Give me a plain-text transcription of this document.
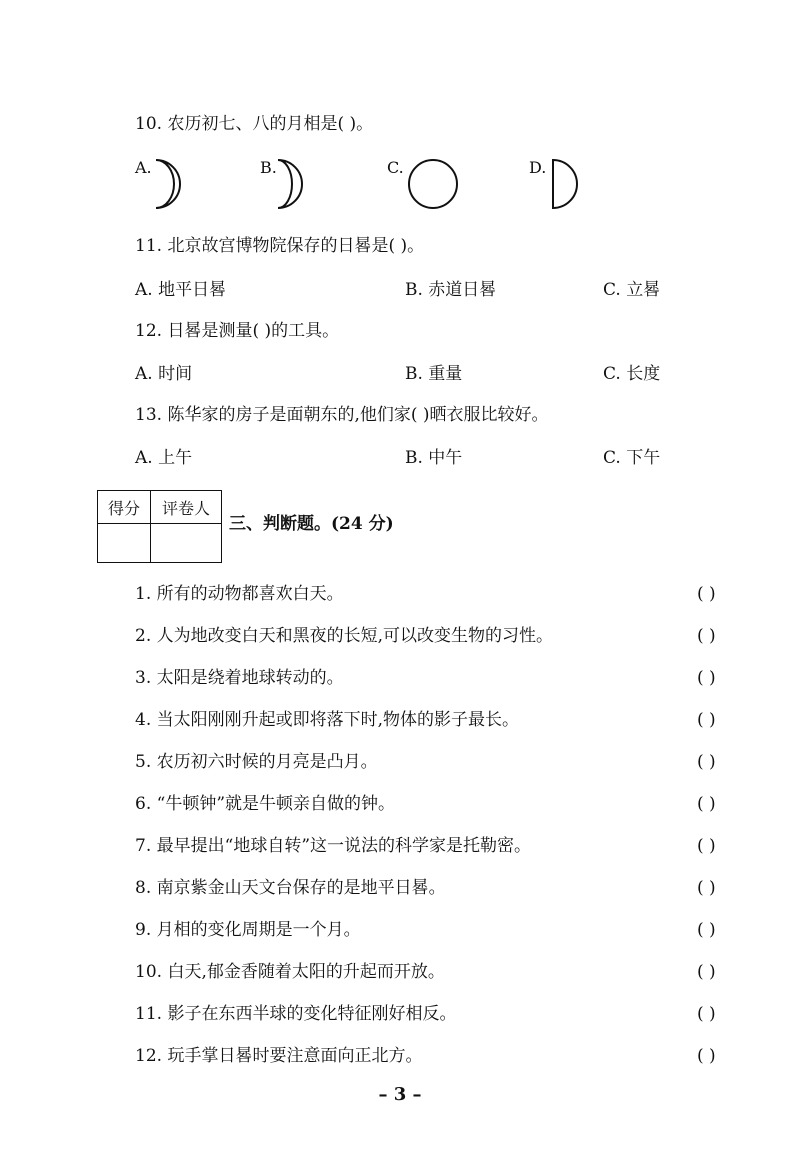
10. 农历初七、八的月相是( )。
A.	B.	C.	D.
11. 北京故宫博物院保存的日晷是( )。
A. 地平日晷	B. 赤道日晷	C. 立晷
12. 日晷是测量( )的工具。
A. 时间	B. 重量	C. 长度
13. 陈华家的房子是面朝东的,他们家( )晒衣服比较好。
A. 上午	B. 中午	C. 下午
得分	评卷人

三、判断题。(24 分)
1. 所有的动物都喜欢白天。	( )
2. 人为地改变白天和黑夜的长短,可以改变生物的习性。	( )
3. 太阳是绕着地球转动的。	( )
4. 当太阳刚刚升起或即将落下时,物体的影子最长。	( )
5. 农历初六时候的月亮是凸月。	( )
6. “牛顿钟”就是牛顿亲自做的钟。	( )
7. 最早提出“地球自转”这一说法的科学家是托勒密。	( )
8. 南京紫金山天文台保存的是地平日晷。	( )
9. 月相的变化周期是一个月。	( )
10. 白天,郁金香随着太阳的升起而开放。	( )
11. 影子在东西半球的变化特征刚好相反。	( )
12. 玩手掌日晷时要注意面向正北方。	( )
– 3 –
